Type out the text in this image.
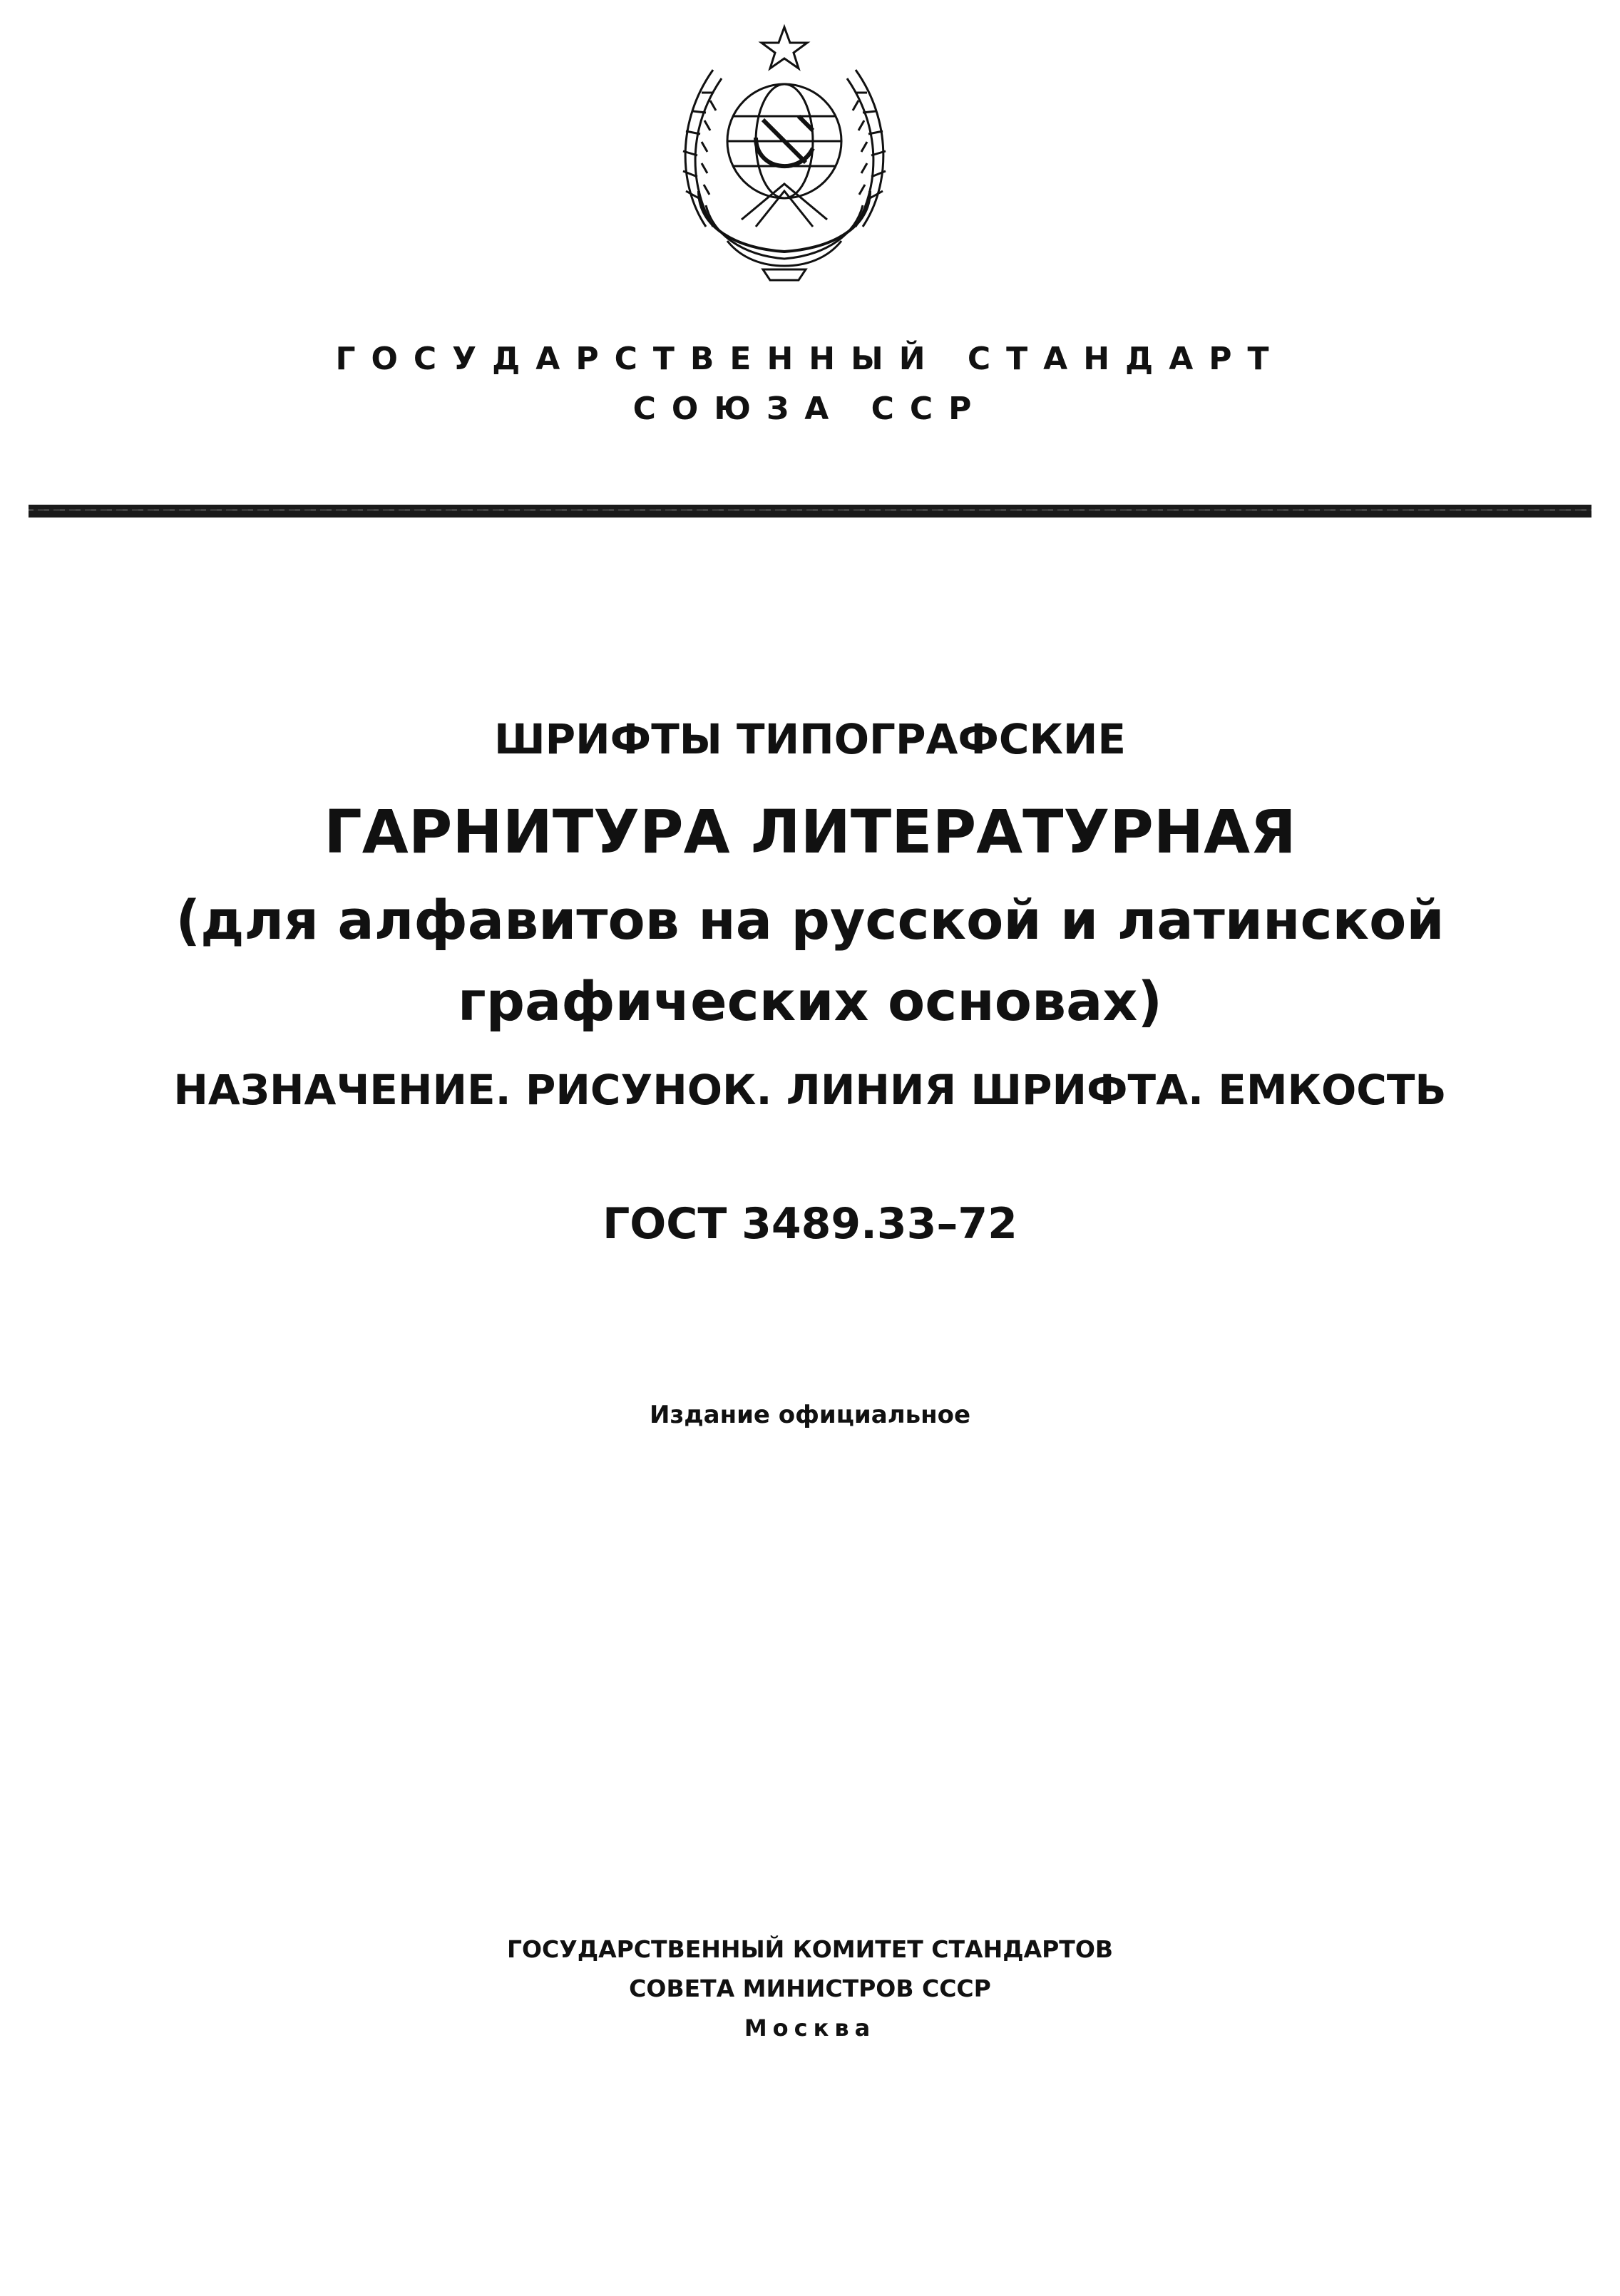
ГОСУДАРСТВЕННЫЙ СТАНДАРТ
СОЮЗА ССР
ШРИФТЫ ТИПОГРАФСКИЕ
ГАРНИТУРА ЛИТЕРАТУРНАЯ
(для алфавитов на русской и латинской
графических основах)
НАЗНАЧЕНИЕ. РИСУНОК. ЛИНИЯ ШРИФТА. ЕМКОСТЬ
ГОСТ 3489.33–72
Издание официальное
ГОСУДАРСТВЕННЫЙ КОМИТЕТ СТАНДАРТОВ
СОВЕТА МИНИСТРОВ СССР
Москва
